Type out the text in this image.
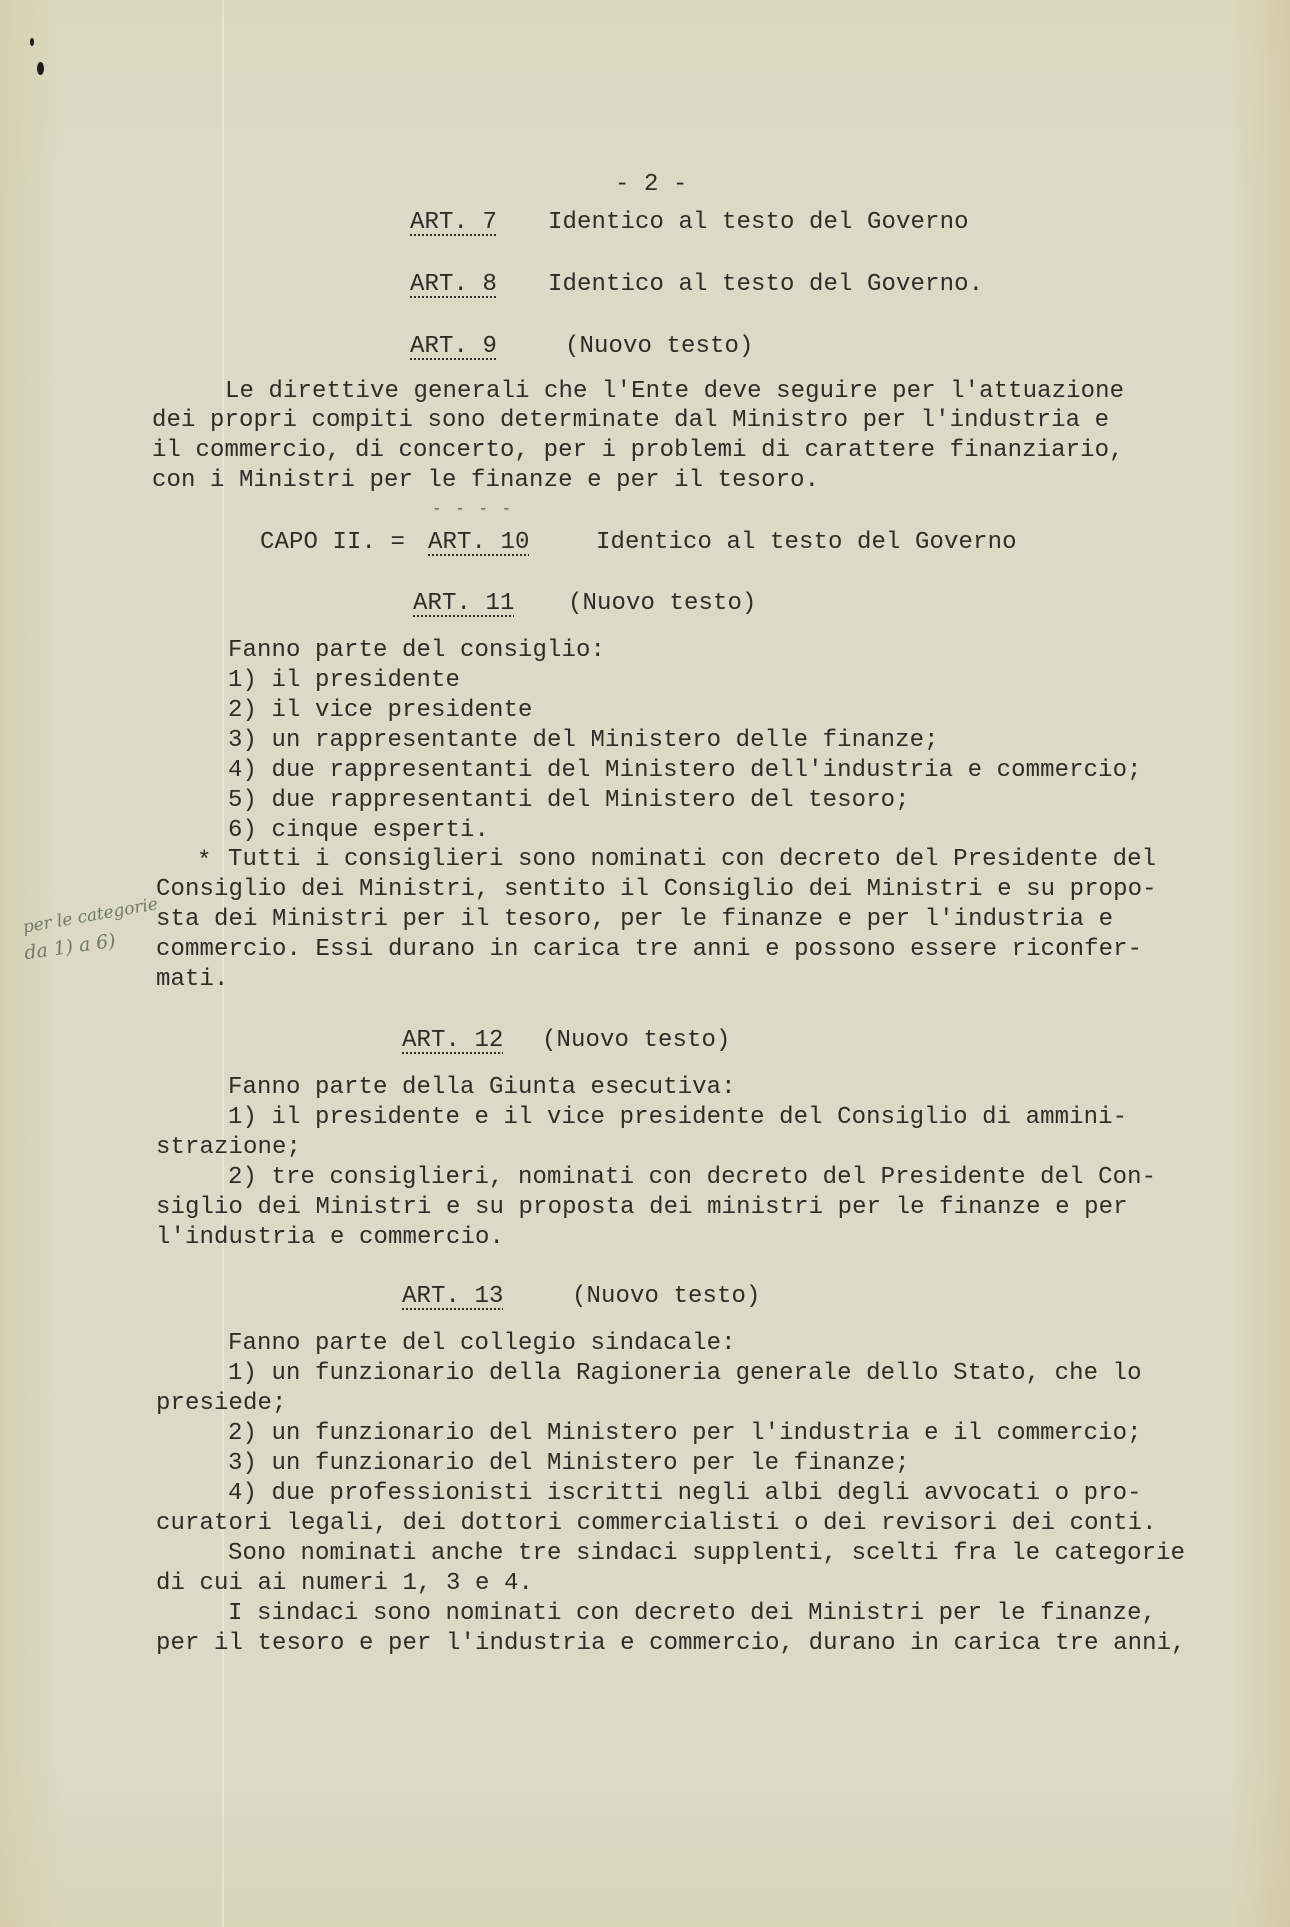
- 2 -
ART. 7 Identico al testo del Governo
ART. 8 Identico al testo del Governo.
ART. 9	(Nuovo testo)
Le direttive generali che l'Ente deve seguire per l'attuazione
dei propri compiti sono determinate dal Ministro per l'industria e
il commercio, di concerto, per i problemi di carattere finanziario,
con i Ministri per le finanze e per il tesoro.
- - - -
CAPO II. = ART. 10	Identico al testo del Governo
ART. 11 (Nuovo testo)
Fanno parte del consiglio:
1) il presidente
2) il vice presidente
3) un rappresentante del Ministero delle finanze;
4) due rappresentanti del Ministero dell'industria e commercio;
5) due rappresentanti del Ministero del tesoro;
6) cinque esperti.
* Tutti i consiglieri sono nominati con decreto del Presidente del
Consiglio dei Ministri, sentito il Consiglio dei Ministri e su propo-
sta dei Ministri per il tesoro, per le finanze e per l'industria e
commercio. Essi durano in carica tre anni e possono essere riconfer-
mati.
per le categorie
da 1) a 6)
ART. 12 (Nuovo testo)
Fanno parte della Giunta esecutiva:
1) il presidente e il vice presidente del Consiglio di ammini-
strazione;
2) tre consiglieri, nominati con decreto del Presidente del Con-
siglio dei Ministri e su proposta dei ministri per le finanze e per
l'industria e commercio.
ART. 13	(Nuovo testo)
Fanno parte del collegio sindacale:
1) un funzionario della Ragioneria generale dello Stato, che lo
presiede;
2) un funzionario del Ministero per l'industria e il commercio;
3) un funzionario del Ministero per le finanze;
4) due professionisti iscritti negli albi degli avvocati o pro-
curatori legali, dei dottori commercialisti o dei revisori dei conti.
Sono nominati anche tre sindaci supplenti, scelti fra le categorie
di cui ai numeri 1, 3 e 4.
I sindaci sono nominati con decreto dei Ministri per le finanze,
per il tesoro e per l'industria e commercio, durano in carica tre anni,
